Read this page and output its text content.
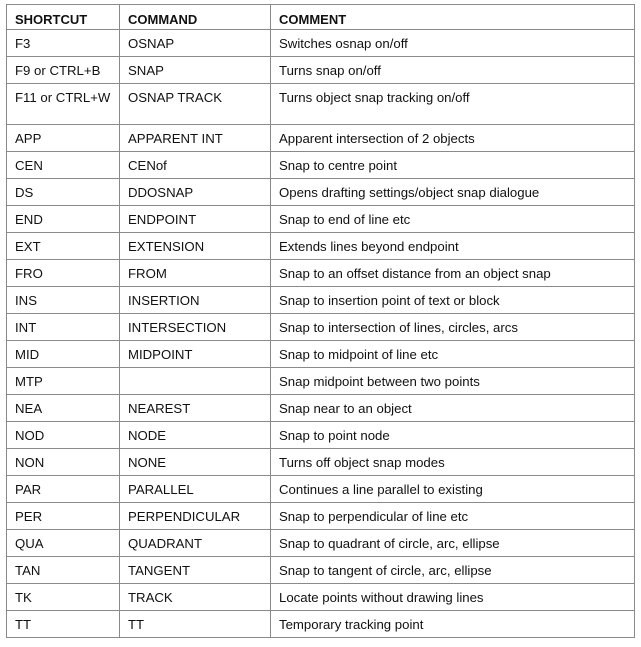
SHORTCUT	COMMAND	COMMENT
F3	OSNAP	Switches osnap on/off
F9 or CTRL+B	SNAP	Turns snap on/off
F11 or CTRL+W	OSNAP TRACK	Turns object snap tracking on/off
APP	APPARENT INT	Apparent intersection of 2 objects
CEN	CENof	Snap to centre point
DS	DDOSNAP	Opens drafting settings/object snap dialogue
END	ENDPOINT	Snap to end of line etc
EXT	EXTENSION	Extends lines beyond endpoint
FRO	FROM	Snap to an offset distance from an object snap
INS	INSERTION	Snap to insertion point of text or block
INT	INTERSECTION	Snap to intersection of lines, circles, arcs
MID	MIDPOINT	Snap to midpoint of line etc
MTP		Snap midpoint between two points
NEA	NEAREST	Snap near to an object
NOD	NODE	Snap to point node
NON	NONE	Turns off object snap modes
PAR	PARALLEL	Continues a line parallel to existing
PER	PERPENDICULAR	Snap to perpendicular of line etc
QUA	QUADRANT	Snap to quadrant of circle, arc, ellipse
TAN	TANGENT	Snap to tangent of circle, arc, ellipse
TK	TRACK	Locate points without drawing lines
TT	TT	Temporary tracking point
